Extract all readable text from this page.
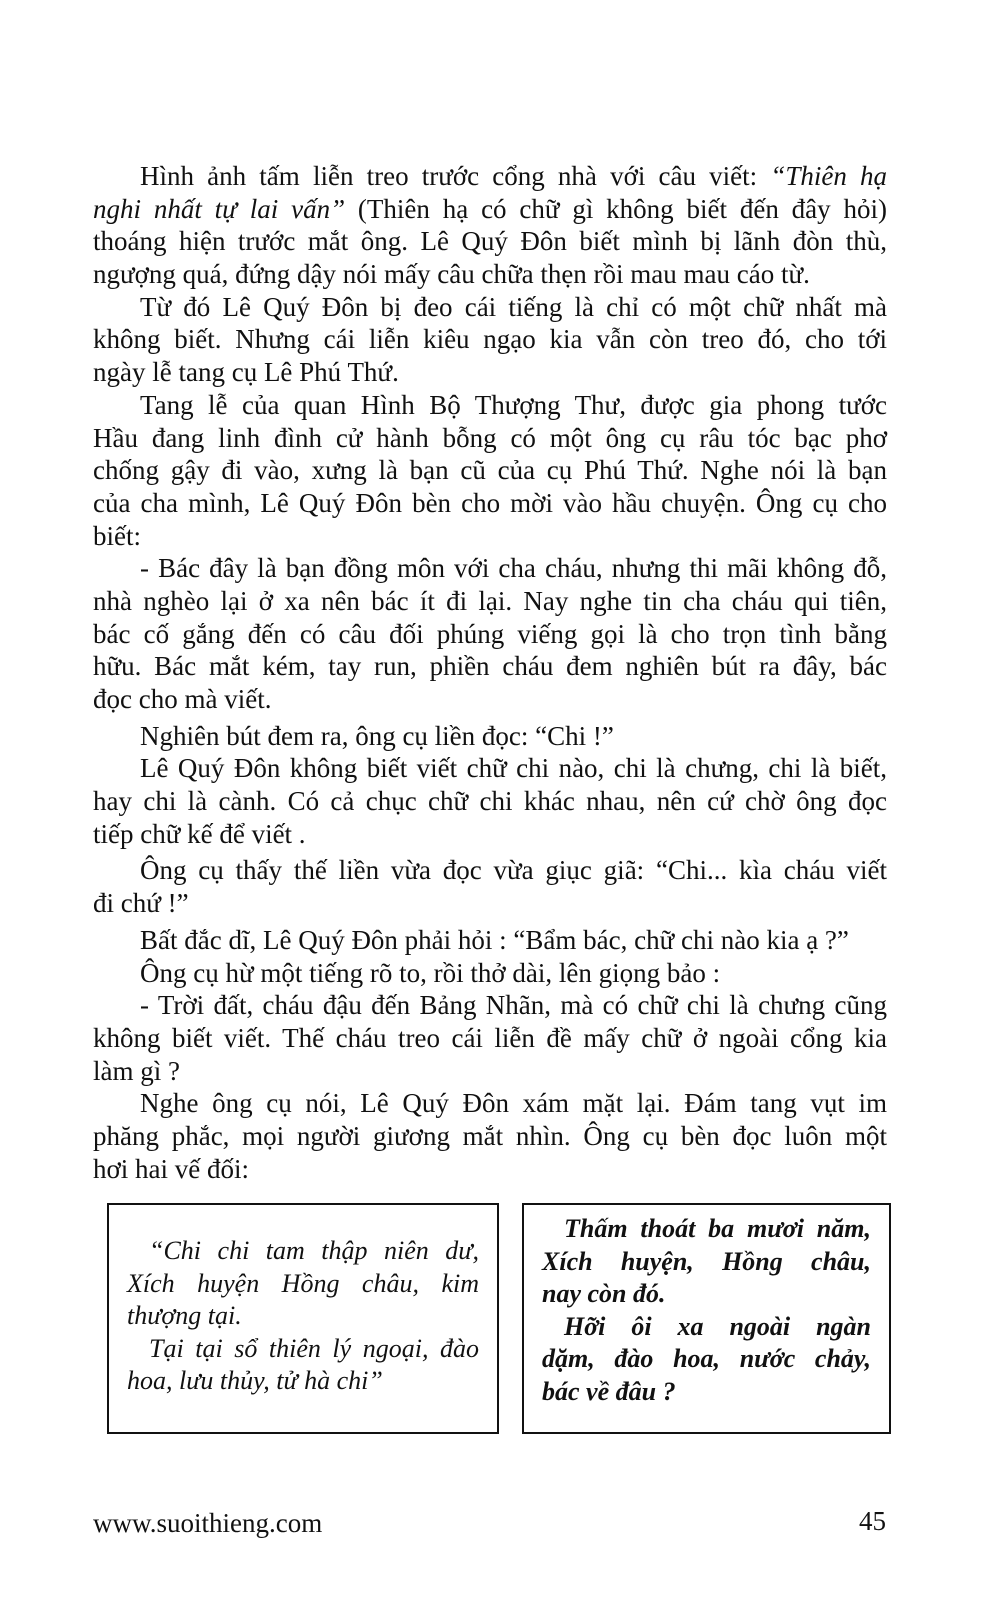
Hình ảnh tấm liễn treo trước cổng nhà với câu viết: “Thiên hạ
nghi nhất tự lai vấn” (Thiên hạ có chữ gì không biết đến đây hỏi)
thoáng hiện trước mắt ông. Lê Quý Đôn biết mình bị lãnh đòn thù,
ngượng quá, đứng dậy nói mấy câu chữa thẹn rồi mau mau cáo từ.
Từ đó Lê Quý Đôn bị đeo cái tiếng là chỉ có một chữ nhất mà
không biết. Nhưng cái liễn kiêu ngạo kia vẫn còn treo đó, cho tới
ngày lễ tang cụ Lê Phú Thứ.
Tang lễ của quan Hình Bộ Thượng Thư, được gia phong tước
Hầu đang linh đình cử hành bỗng có một ông cụ râu tóc bạc phơ
chống gậy đi vào, xưng là bạn cũ của cụ Phú Thứ. Nghe nói là bạn
của cha mình, Lê Quý Đôn bèn cho mời vào hầu chuyện. Ông cụ cho
biết:
- Bác đây là bạn đồng môn với cha cháu, nhưng thi mãi không đỗ,
nhà nghèo lại ở xa nên bác ít đi lại. Nay nghe tin cha cháu qui tiên,
bác cố gắng đến có câu đối phúng viếng gọi là cho trọn tình bằng
hữu. Bác mắt kém, tay run, phiền cháu đem nghiên bút ra đây, bác
đọc cho mà viết.
Nghiên bút đem ra, ông cụ liền đọc: “Chi !”
Lê Quý Đôn không biết viết chữ chi nào, chi là chưng, chi là biết,
hay chi là cành. Có cả chục chữ chi khác nhau, nên cứ chờ ông đọc
tiếp chữ kế để viết .
Ông cụ thấy thế liền vừa đọc vừa giục giã: “Chi... kìa cháu viết
đi chứ !”
Bất đắc dĩ, Lê Quý Đôn phải hỏi : “Bẩm bác, chữ chi nào kia ạ ?”
Ông cụ hừ một tiếng rõ to, rồi thở dài, lên giọng bảo :
- Trời đất, cháu đậu đến Bảng Nhãn, mà có chữ chi là chưng cũng
không biết viết. Thế cháu treo cái liễn đề mấy chữ ở ngoài cổng kia
làm gì ?
Nghe ông cụ nói, Lê Quý Đôn xám mặt lại. Đám tang vụt im
phăng phắc, mọi người giương mắt nhìn. Ông cụ bèn đọc luôn một
hơi hai vế đối:
“Chi chi tam thập niên dư,
Xích huyện Hồng châu, kim
thượng tại.
Tại tại sổ thiên lý ngoại, đào
hoa, lưu thủy, tử hà chi”
Thấm thoát ba mươi năm,
Xích huyện, Hồng châu,
nay còn đó.
Hỡi ôi xa ngoài ngàn
dặm, đào hoa, nước chảy,
bác về đâu ?
www.suoithieng.com	45
